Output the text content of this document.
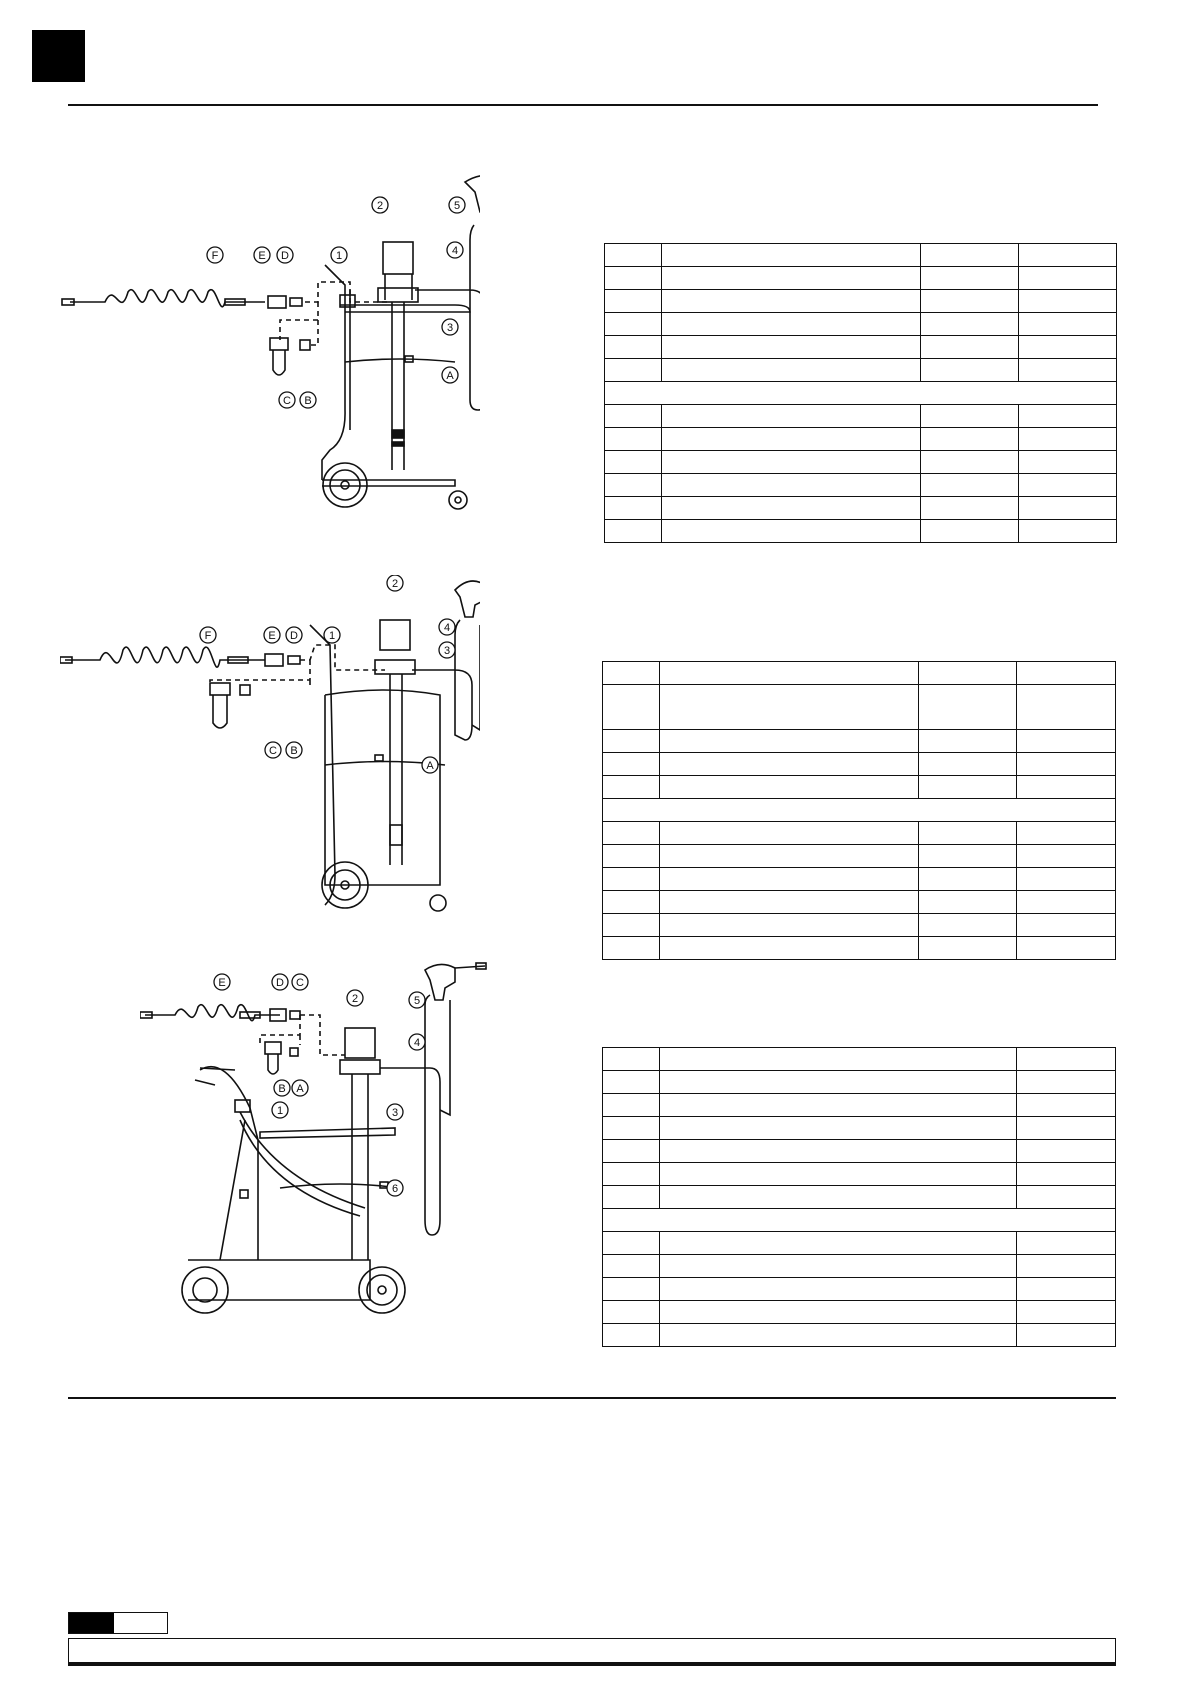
F	E D	1
2	5
4
3
A
C B
F	E D	1
2
4
3
A
C B
E	D C
2	5
4
1	3
6
B A
